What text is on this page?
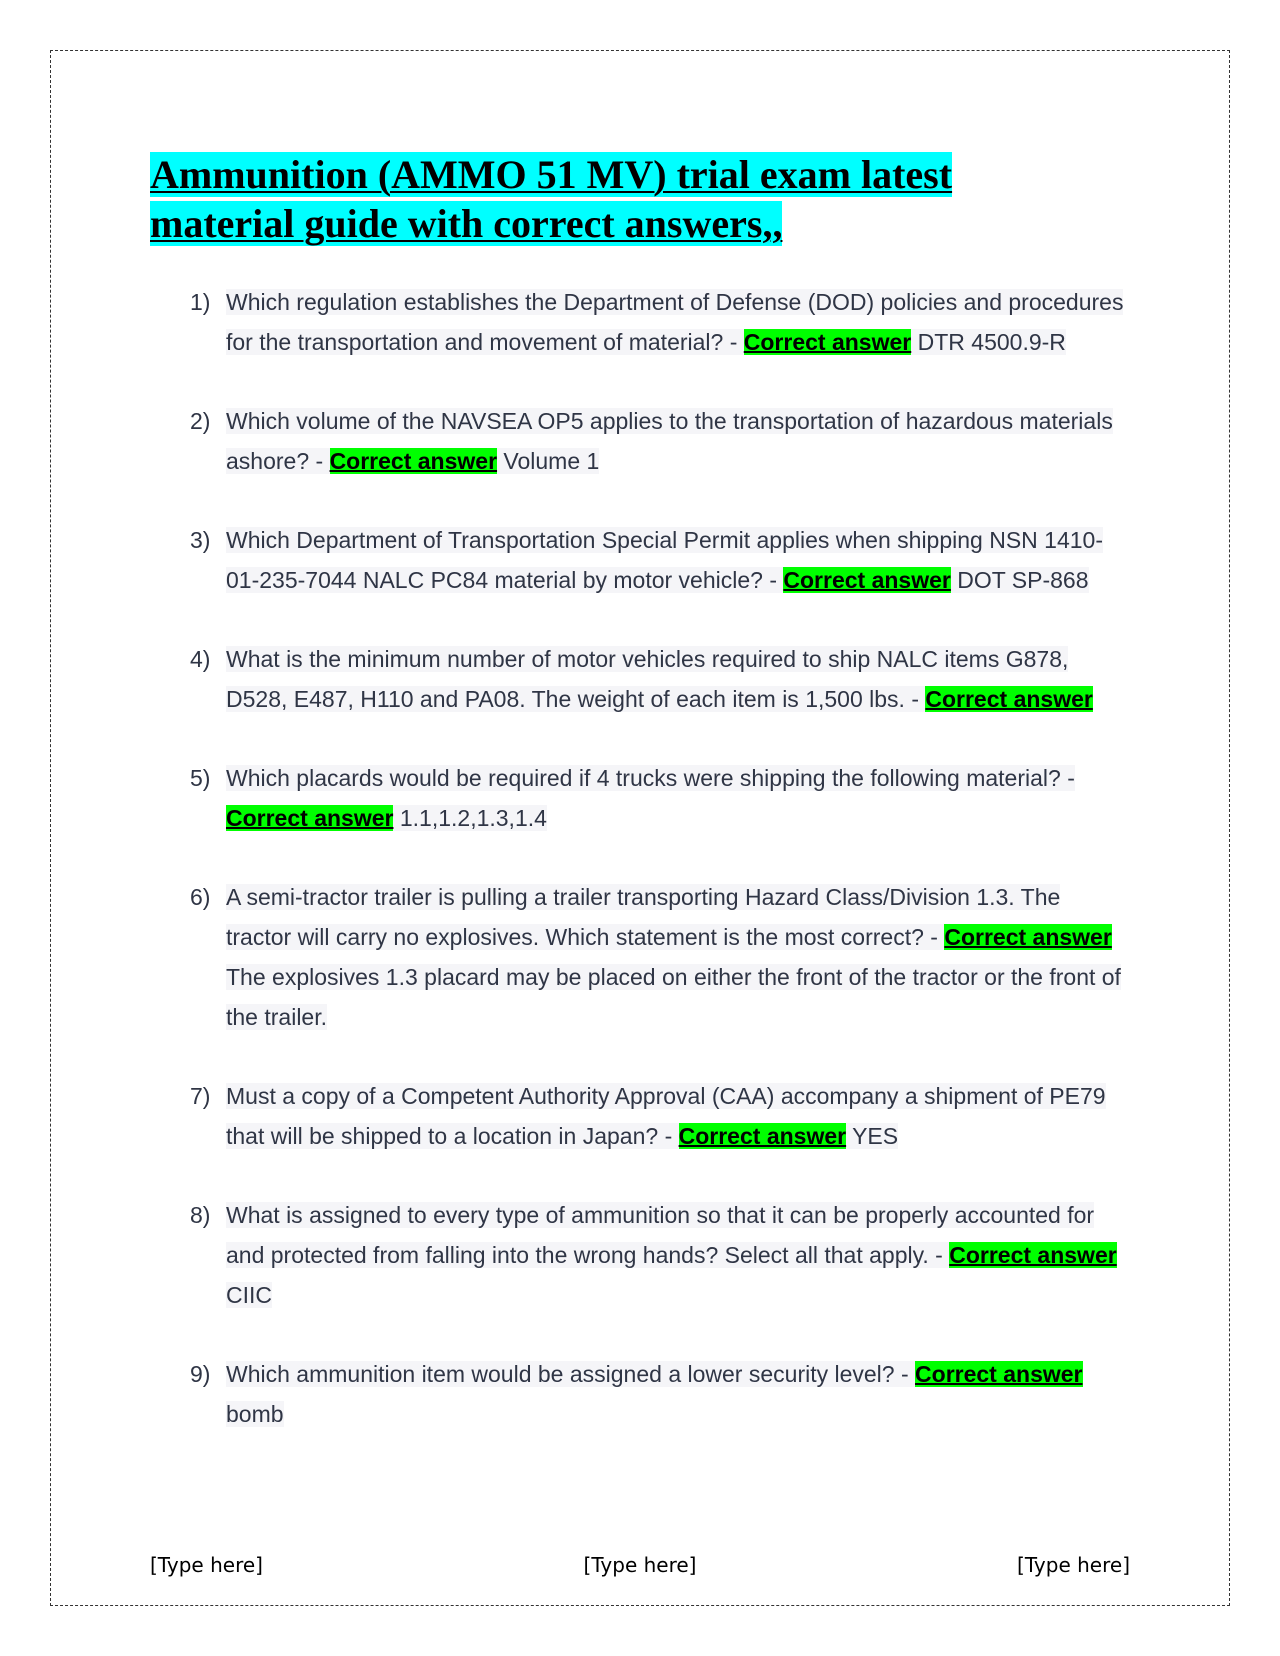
Ammunition (AMMO 51 MV) trial exam latest
material guide with correct answers,,
1) Which regulation establishes the Department of Defense (DOD) policies and procedures for the transportation and movement of material? - Correct answer DTR 4500.9-R
2) Which volume of the NAVSEA OP5 applies to the transportation of hazardous materials ashore? - Correct answer Volume 1
3) Which Department of Transportation Special Permit applies when shipping NSN 1410-01-235-7044 NALC PC84 material by motor vehicle? - Correct answer DOT SP-868
4) What is the minimum number of motor vehicles required to ship NALC items G878, D528, E487, H110 and PA08. The weight of each item is 1,500 lbs. - Correct answer
5) Which placards would be required if 4 trucks were shipping the following material? - Correct answer 1.1,1.2,1.3,1.4
6) A semi-tractor trailer is pulling a trailer transporting Hazard Class/Division 1.3. The tractor will carry no explosives. Which statement is the most correct? - Correct answer The explosives 1.3 placard may be placed on either the front of the tractor or the front of the trailer.
7) Must a copy of a Competent Authority Approval (CAA) accompany a shipment of PE79 that will be shipped to a location in Japan? - Correct answer YES
8) What is assigned to every type of ammunition so that it can be properly accounted for and protected from falling into the wrong hands? Select all that apply. - Correct answer CIIC
9) Which ammunition item would be assigned a lower security level? - Correct answer bomb
[Type here]	[Type here]	[Type here]
